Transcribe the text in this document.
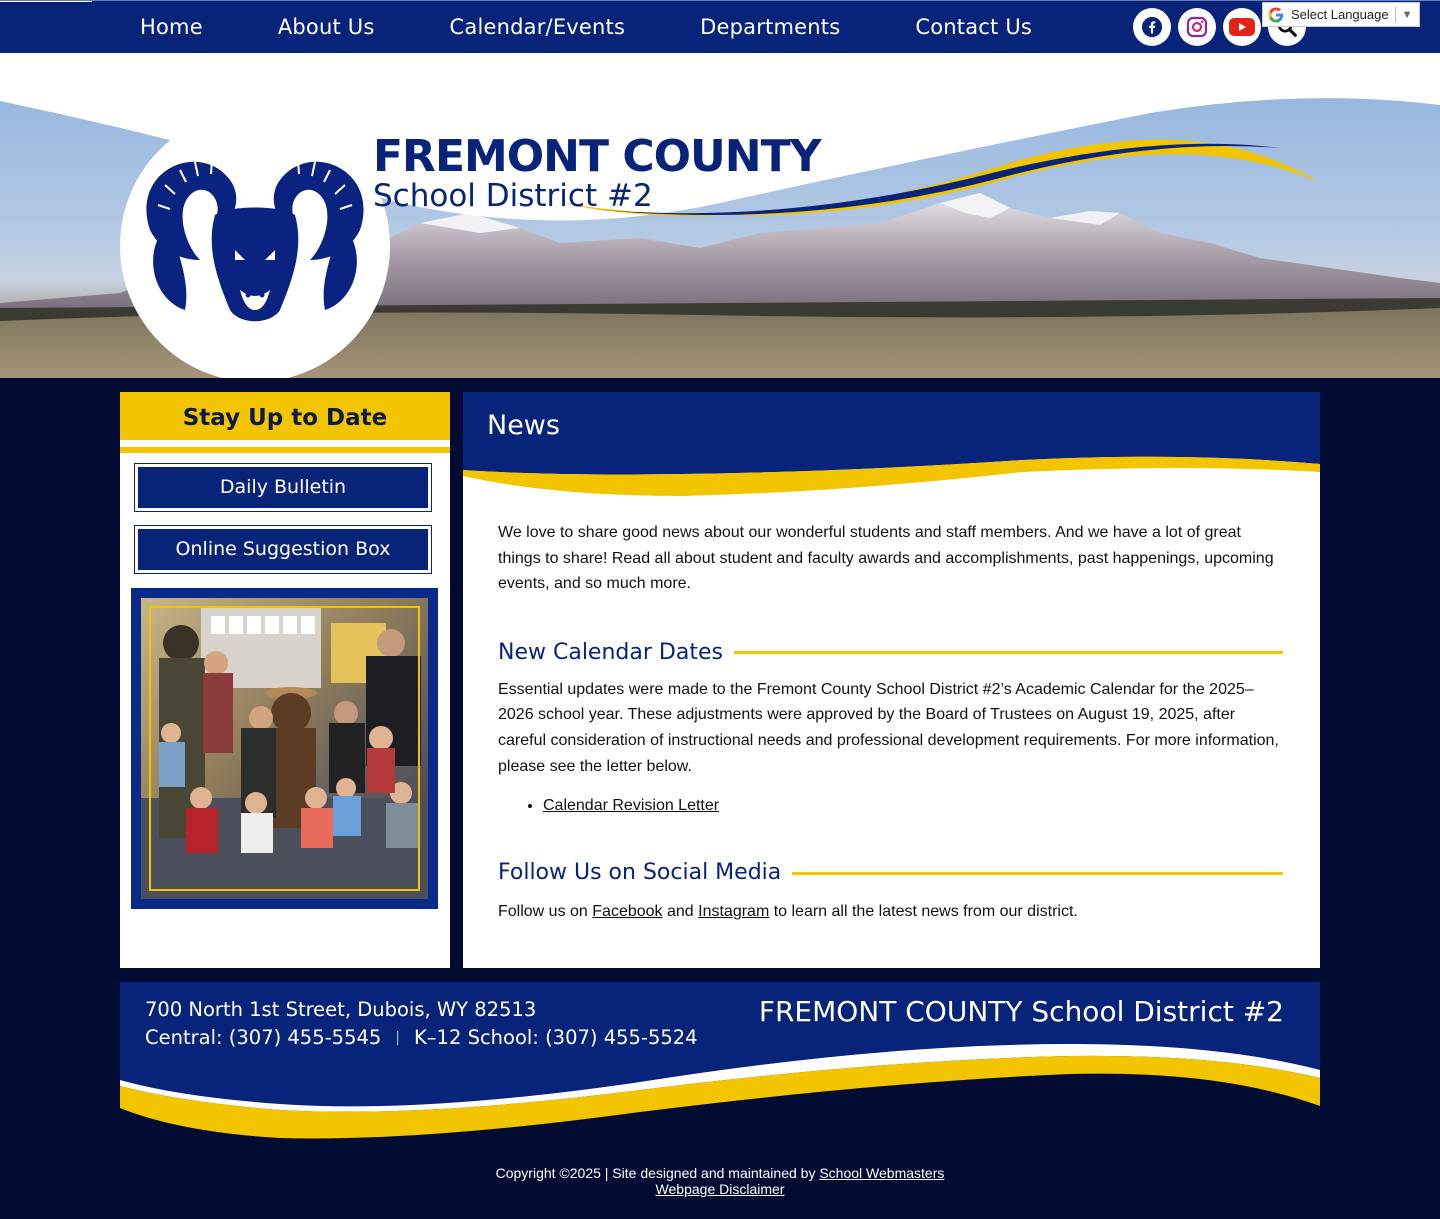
Home	About Us	Calendar/Events	Departments	Contact Us
Select Language ▼
FREMONT COUNTY
School District #2
Stay Up to Date
Daily Bulletin
Online Suggestion Box
News

We love to share good news about our wonderful students and staff members. And we have a lot of great things to share! Read all about student and faculty awards and accomplishments, past happenings, upcoming events, and so much more.

New Calendar Dates

Essential updates were made to the Fremont County School District #2’s Academic Calendar for the 2025–2026 school year. These adjustments were approved by the Board of Trustees on August 19, 2025, after careful consideration of instructional needs and professional development requirements. For more information, please see the letter below.

• Calendar Revision Letter
Follow Us on Social Media

Follow us on Facebook and Instagram to learn all the latest news from our district.

700 North 1st Street, Dubois, WY 82513
Central: (307) 455-5545 | K–12 School: (307) 455-5524
FREMONT COUNTY School District #2
Copyright ©2025 | Site designed and maintained by School Webmasters
Webpage Disclaimer
